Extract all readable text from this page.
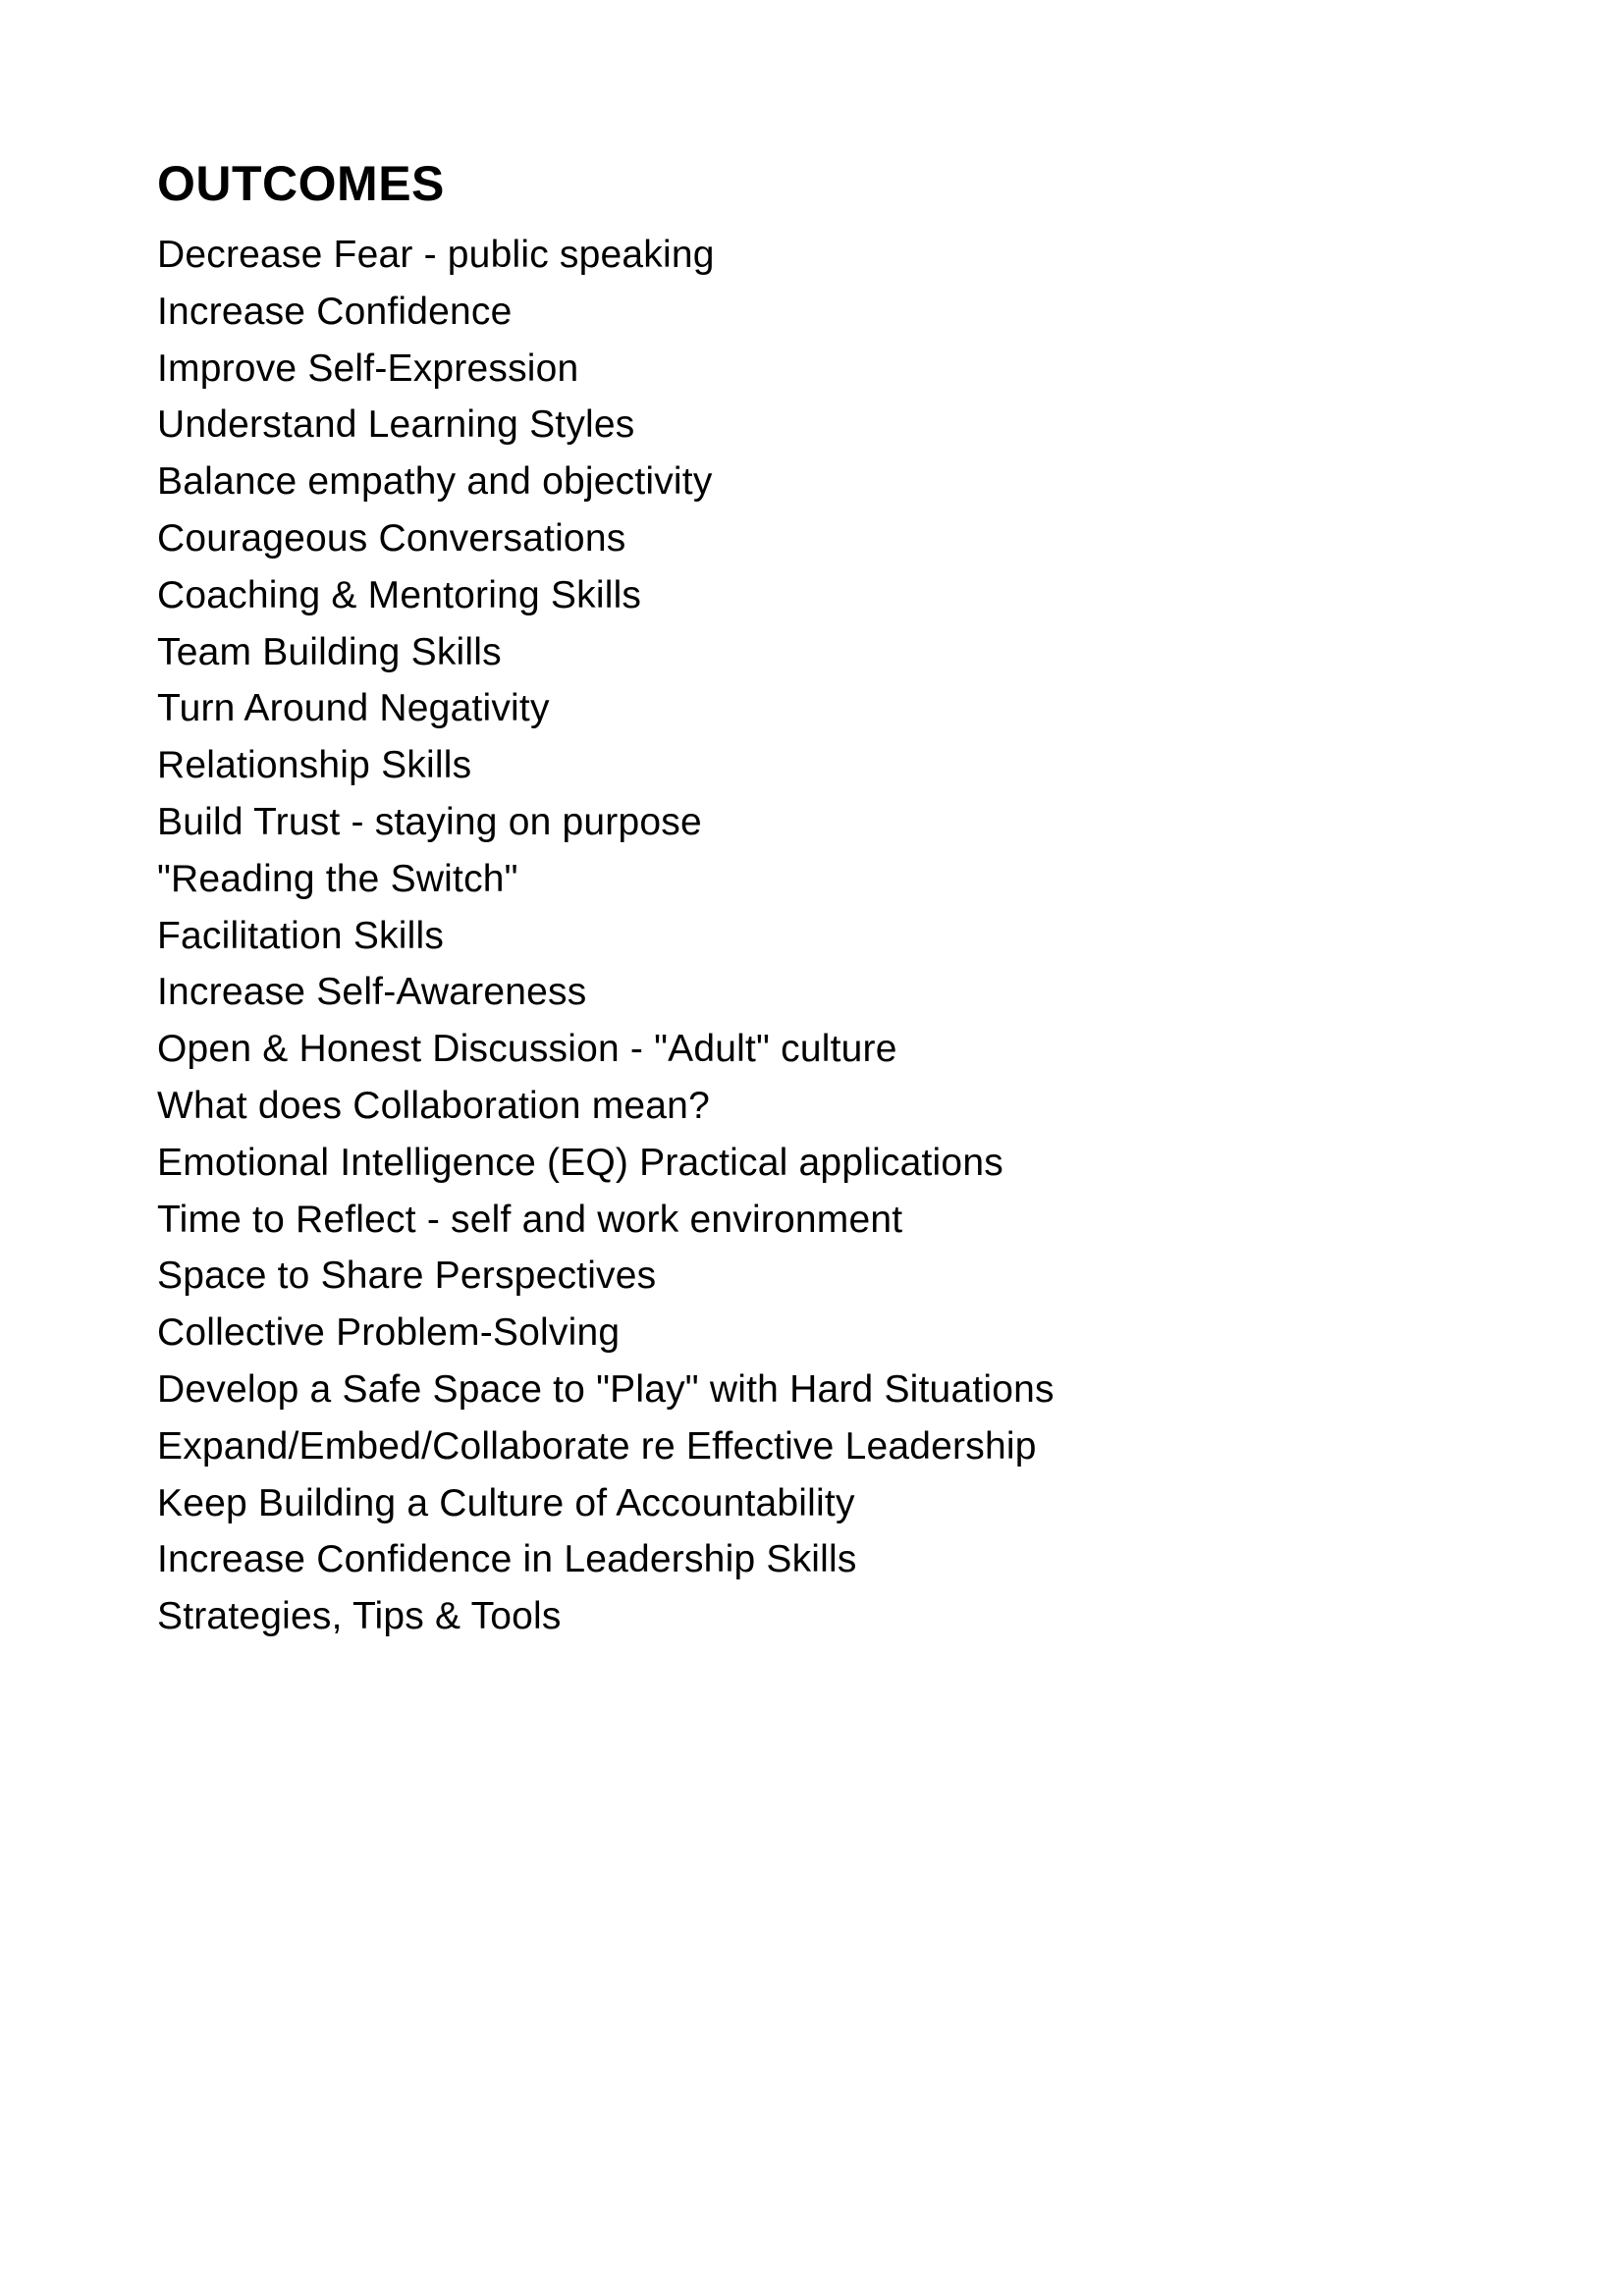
OUTCOMES
Decrease Fear - public speaking
Increase Confidence
Improve Self-Expression
Understand Learning Styles
Balance empathy and objectivity
Courageous Conversations
Coaching & Mentoring Skills
Team Building Skills
Turn Around Negativity
Relationship Skills
Build Trust - staying on purpose
"Reading the Switch"
Facilitation Skills
Increase Self-Awareness
Open & Honest Discussion - "Adult" culture
What does Collaboration mean?
Emotional Intelligence (EQ) Practical applications
Time to Reflect - self and work environment
Space to Share Perspectives
Collective Problem-Solving
Develop a Safe Space to "Play" with Hard Situations
Expand/Embed/Collaborate re Effective Leadership
Keep Building a Culture of Accountability
Increase Confidence in Leadership Skills
Strategies, Tips & Tools
